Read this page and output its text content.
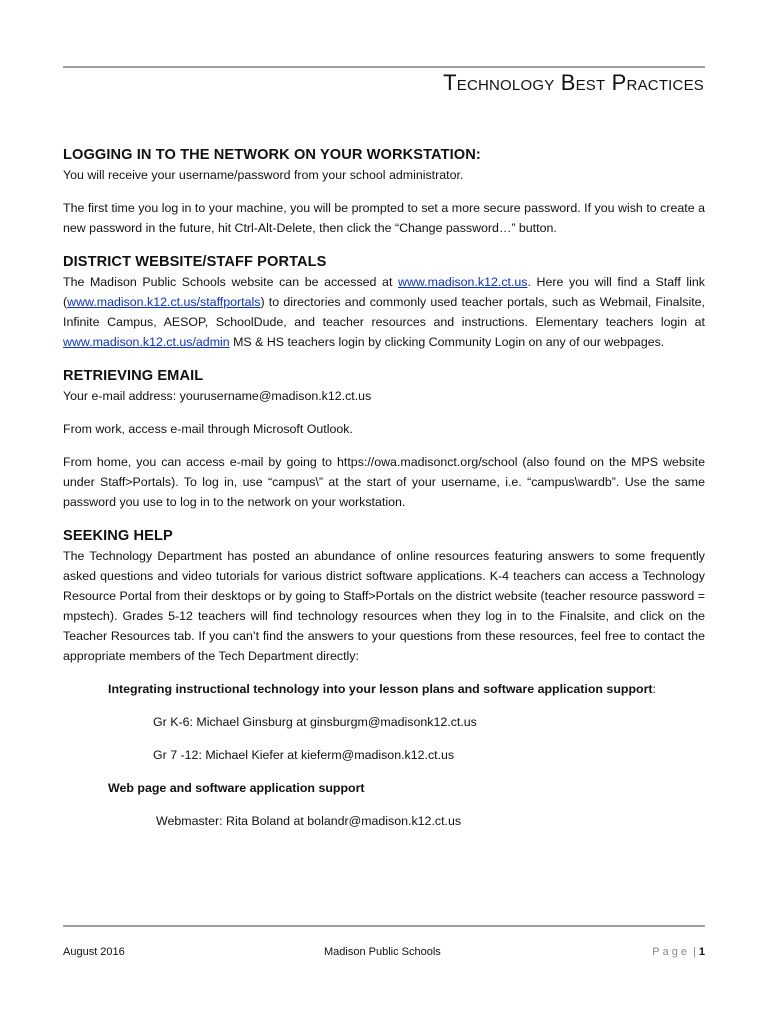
Technology Best Practices
LOGGING IN TO THE NETWORK ON YOUR WORKSTATION:

You will receive your username/password from your school administrator.

The first time you log in to your machine, you will be prompted to set a more secure password. If you wish to create a new password in the future, hit Ctrl-Alt-Delete, then click the “Change password…” button.

DISTRICT WEBSITE/STAFF PORTALS

The Madison Public Schools website can be accessed at www.madison.k12.ct.us. Here you will find a Staff link (www.madison.k12.ct.us/staffportals) to directories and commonly used teacher portals, such as Webmail, Finalsite, Infinite Campus, AESOP, SchoolDude, and teacher resources and instructions. Elementary teachers login at www.madison.k12.ct.us/admin MS & HS teachers login by clicking Community Login on any of our webpages.

RETRIEVING EMAIL

Your e-mail address: yourusername@madison.k12.ct.us

From work, access e-mail through Microsoft Outlook.

From home, you can access e-mail by going to https://owa.madisonct.org/school (also found on the MPS website under Staff>Portals). To log in, use “campus\” at the start of your username, i.e. “campus\wardb”. Use the same password you use to log in to the network on your workstation.

SEEKING HELP

The Technology Department has posted an abundance of online resources featuring answers to some frequently asked questions and video tutorials for various district software applications. K-4 teachers can access a Technology Resource Portal from their desktops or by going to Staff>Portals on the district website (teacher resource password = mpstech). Grades 5-12 teachers will find technology resources when they log in to the Finalsite, and click on the Teacher Resources tab. If you can’t find the answers to your questions from these resources, feel free to contact the appropriate members of the Tech Department directly:

Integrating instructional technology into your lesson plans and software application support:

Gr K-6: Michael Ginsburg at ginsburgm@madisonk12.ct.us

Gr 7 -12: Michael Kiefer at kieferm@madison.k12.ct.us

Web page and software application support

Webmaster: Rita Boland at bolandr@madison.k12.ct.us

August 2016	Madison Public Schools	Page | 1
